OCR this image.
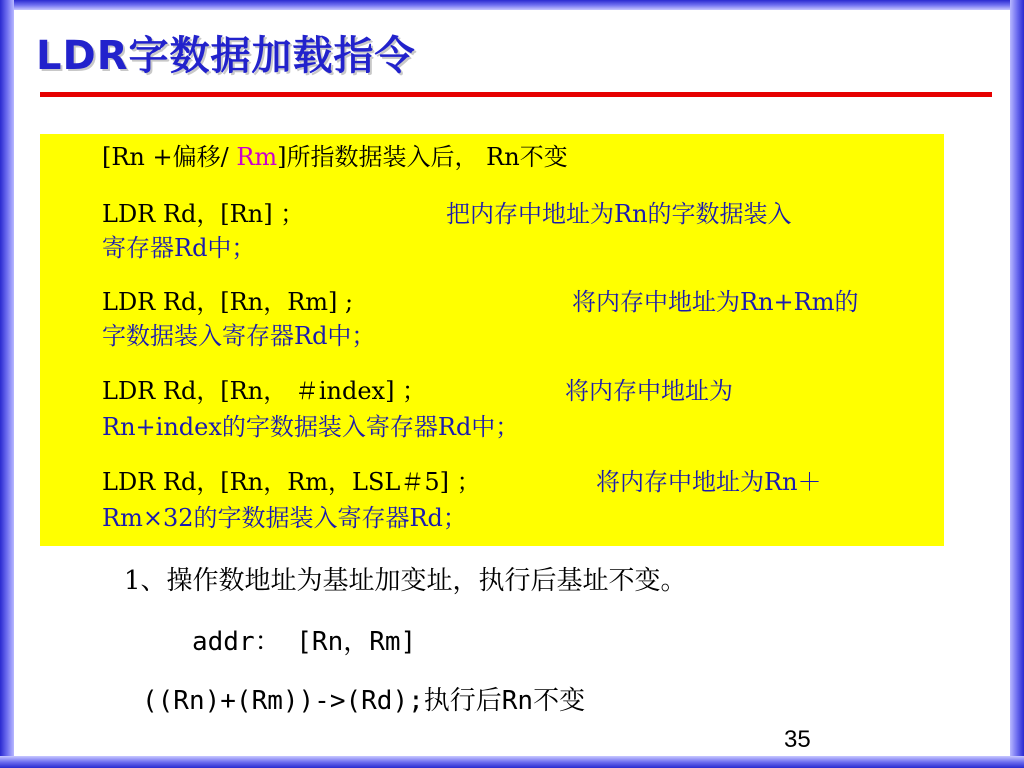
LDR字数据加载指令
[Rn +偏移/ Rm]所指数据装入后， Rn不变
LDR Rd，[Rn] ；	把内存中地址为Rn的字数据装入
寄存器Rd中；
LDR Rd，[Rn，Rm] ;	将内存中地址为Rn+Rm的
字数据装入寄存器Rd中；
LDR Rd，[Rn， ＃index] ；	将内存中地址为
Rn+index的字数据装入寄存器Rd中；
LDR Rd，[Rn，Rm，LSL＃5] ；	将内存中地址为Rn＋
Rm×32的字数据装入寄存器Rd；
1、操作数地址为基址加变址，执行后基址不变。
addr： [Rn，Rm]
((Rn)+(Rm))->(Rd);执行后Rn不变
35
